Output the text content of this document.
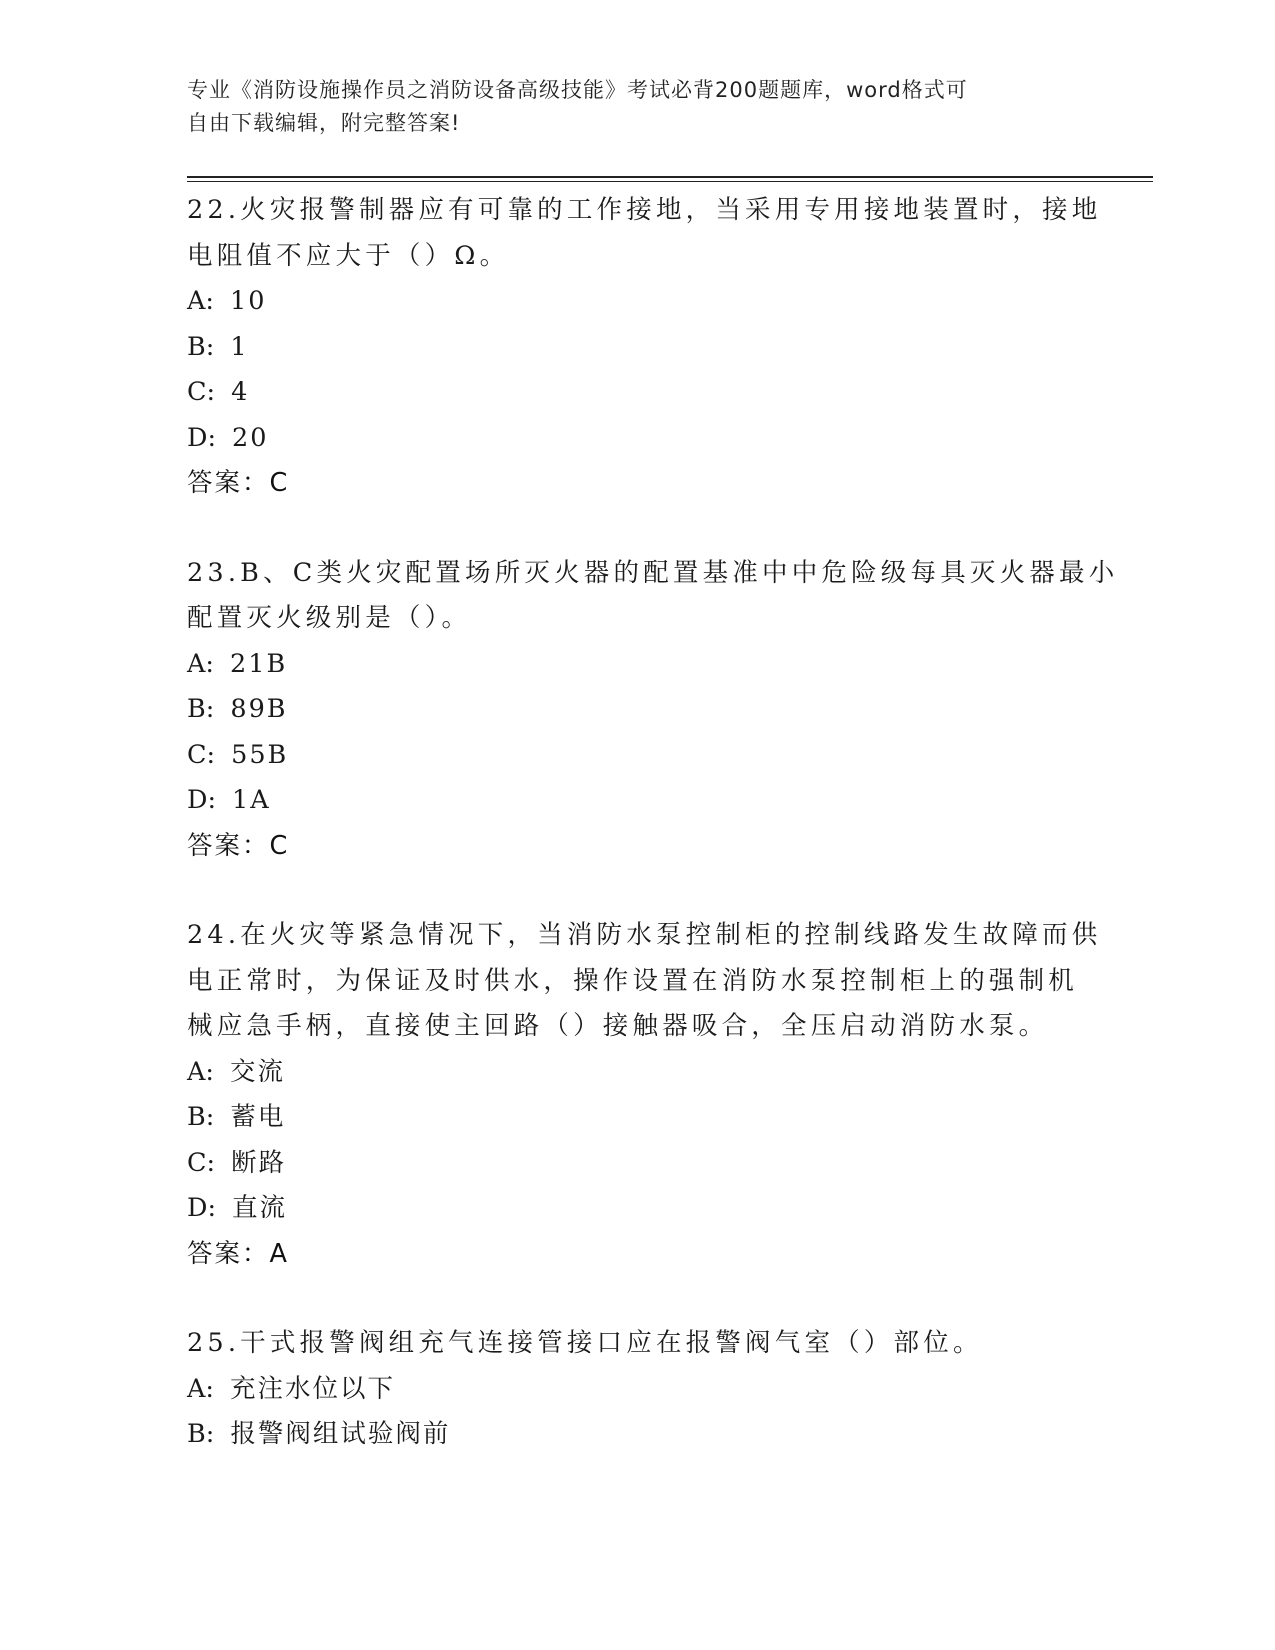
专业《消防设施操作员之消防设备高级技能》考试必背200题题库，word格式可
自由下载编辑，附完整答案!
22.火灾报警制器应有可靠的工作接地，当采用专用接地装置时，接地
电阻值不应大于（）Ω。
A: 10
B: 1
C: 4
D: 20
答案：C
23.B、C类火灾配置场所灭火器的配置基准中中危险级每具灭火器最小
配置灭火级别是（）。
A: 21B
B: 89B
C: 55B
D: 1A
答案：C
24.在火灾等紧急情况下，当消防水泵控制柜的控制线路发生故障而供
电正常时，为保证及时供水，操作设置在消防水泵控制柜上的强制机
械应急手柄，直接使主回路（）接触器吸合，全压启动消防水泵。
A: 交流
B: 蓄电
C: 断路
D: 直流
答案：A
25.干式报警阀组充气连接管接口应在报警阀气室（）部位。
A: 充注水位以下
B: 报警阀组试验阀前
